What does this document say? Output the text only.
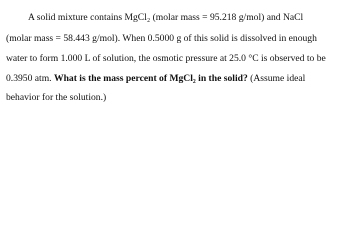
A solid mixture contains MgCl₂ (molar mass = 95.218 g/mol) and NaCl
(molar mass = 58.443 g/mol). When 0.5000 g of this solid is dissolved in enough
water to form 1.000 L of solution, the osmotic pressure at 25.0 °C is observed to be
0.3950 atm. What is the mass percent of MgCl₂ in the solid? (Assume ideal
behavior for the solution.)
